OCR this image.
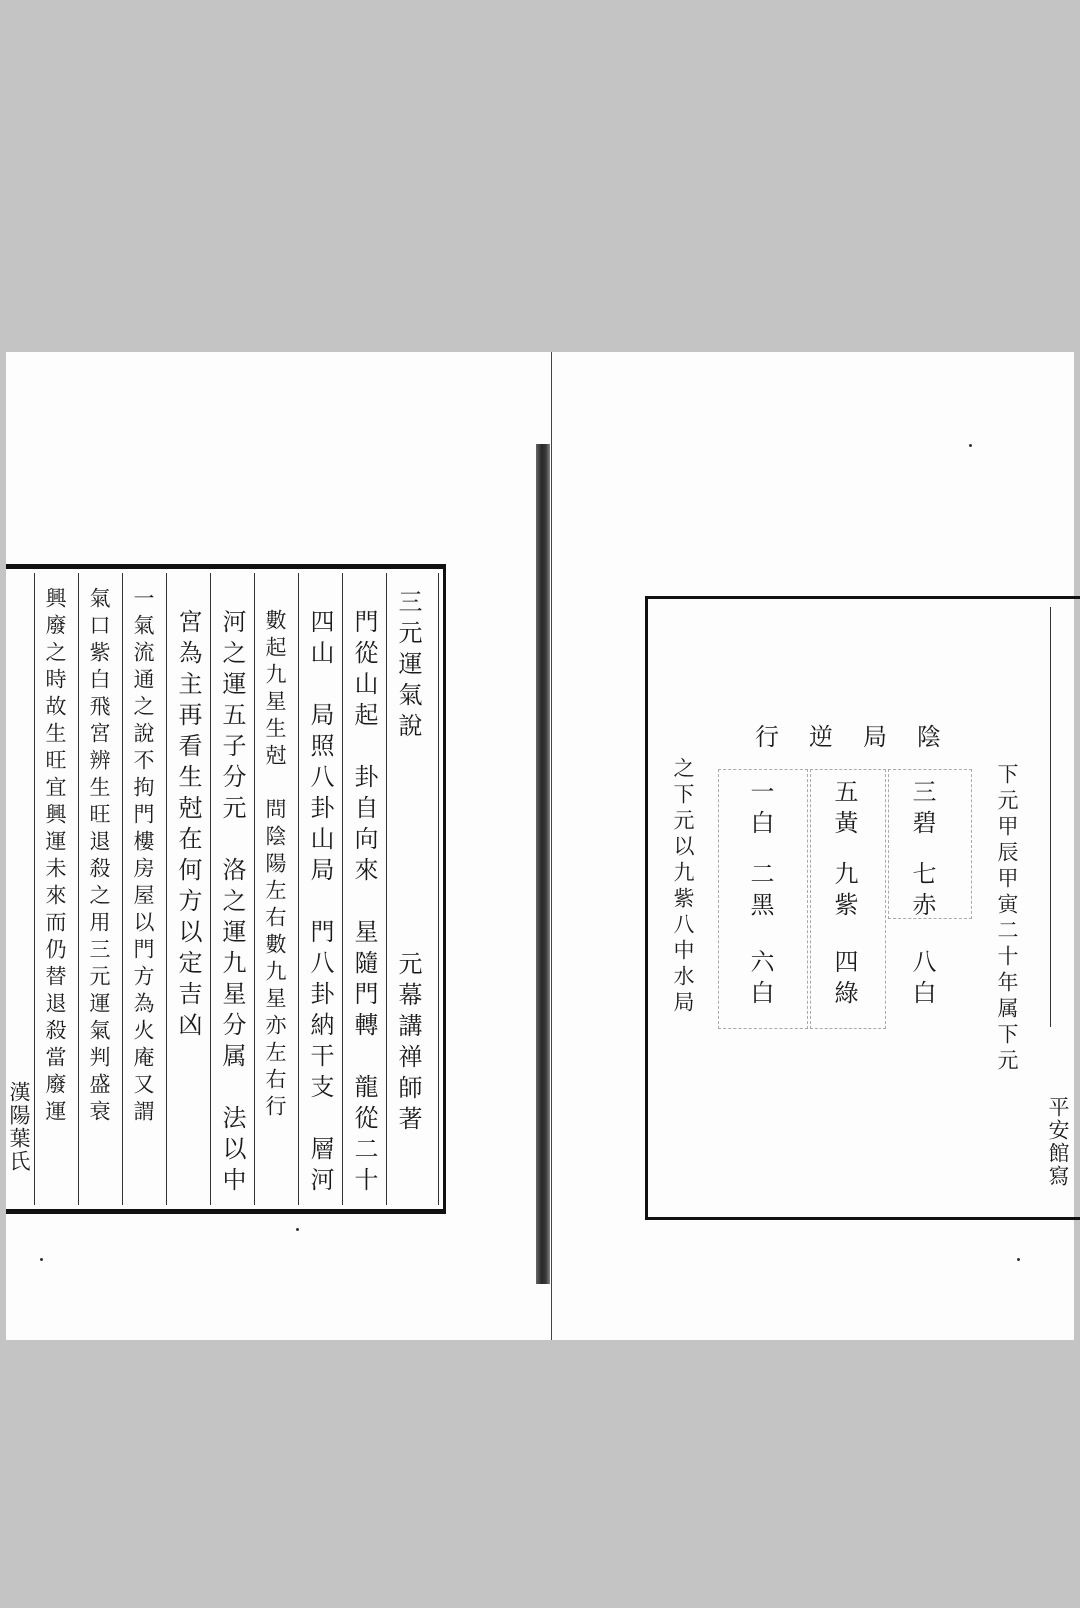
三元運氣說
元幕講禅師著
門從山起　卦自向來　星隨門轉　龍從二十
四山　局照八卦山局　門八卦納干支　層河
數起九星生尅　問陰陽左右數九星亦左右行
河之運五子分元　洛之運九星分属　法以中
宮為主再看生尅在何方以定吉凶
一氣流通之說不拘門樓房屋以門方為火庵又謂
氣口紫白飛宮辨生旺退殺之用三元運氣判盛衰
興廢之時故生旺宜興運未來而仍替退殺當廢運
漢陽葉氏
下元甲辰甲寅二十年属下元
陰局逆行
三碧
七赤
八白
五黃
九紫
四綠
一白
二黑
六白
之下元以九紫八中水局
平安館寫
